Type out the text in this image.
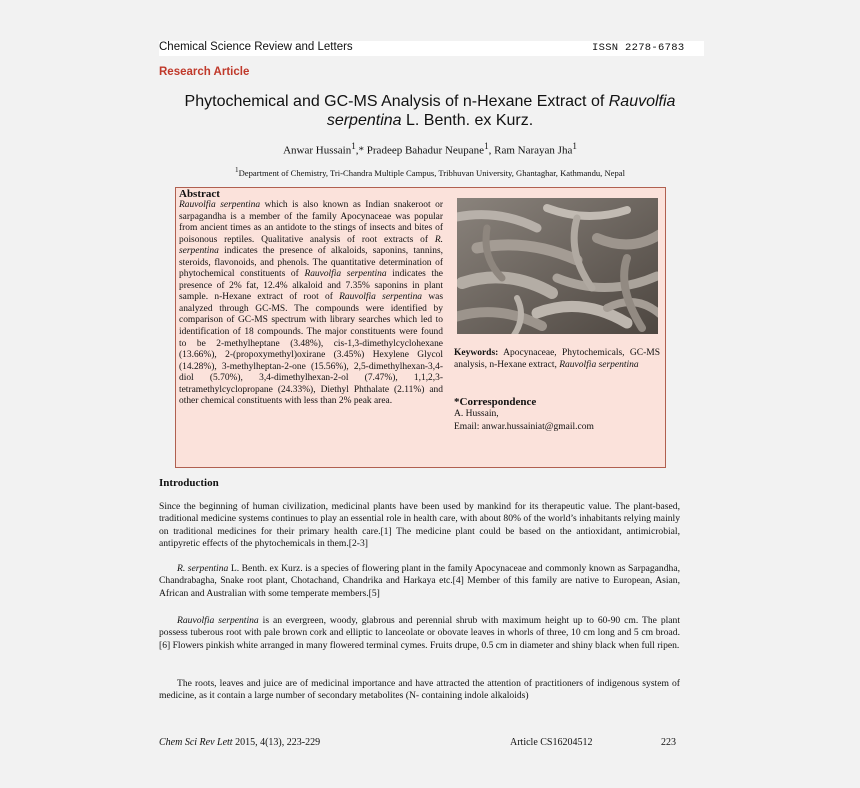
Chemical Science Review and Letters	ISSN 2278-6783
Research Article
Phytochemical and GC-MS Analysis of n-Hexane Extract of Rauvolfia
serpentina L. Benth. ex Kurz.
Anwar Hussain$^1$,* Pradeep Bahadur Neupane$^1$, Ram Narayan Jha$^1$
$^1$Department of Chemistry, Tri-Chandra Multiple Campus, Tribhuvan University, Ghantaghar, Kathmandu, Nepal
Abstract
Rauvolfia serpentina which is also known as Indian snakeroot or sarpagandha is a member of the family Apocynaceae was popular from ancient times as an antidote to the stings of insects and bites of poisonous reptiles. Qualitative analysis of root extracts of R. serpentina indicates the presence of alkaloids, saponins, tannins, steroids, flavonoids, and phenols. The quantitative determination of phytochemical constituents of Rauvolfia serpentina indicates the presence of 2% fat, 12.4% alkaloid and 7.35% saponins in plant sample. n-Hexane extract of root of Rauvolfia serpentina was analyzed through GC-MS. The compounds were identified by comparison of GC-MS spectrum with library searches which led to identification of 18 compounds. The major constituents were found to be 2-methylheptane (3.48%), cis-1,3-dimethylcyclohexane (13.66%), 2-(propoxymethyl)oxirane (3.45%) Hexylene Glycol (14.28%), 3-methylheptan-2-one (15.56%), 2,5-dimethylhexan-3,4-diol (5.70%), 3,4-dimethylhexan-2-ol (7.47%), 1,1,2,3-tetramethylcyclopropane (24.33%), Diethyl Phthalate (2.11%) and other chemical constituents with less than 2% peak area.
Keywords: Apocynaceae, Phytochemicals, GC-MS analysis, n-Hexane extract, Rauvolfia serpentina
*Correspondence
A. Hussain,
Email: anwar.hussainiat@gmail.com
Introduction
Since the beginning of human civilization, medicinal plants have been used by mankind for its therapeutic value. The plant-based, traditional medicine systems continues to play an essential role in health care, with about 80% of the world’s inhabitants relying mainly on traditional medicines for their primary health care.[1] The medicine plant could be based on the antioxidant, antimicrobial, antipyretic effects of the phytochemicals in them.[2-3]
R. serpentina L. Benth. ex Kurz. is a species of flowering plant in the family Apocynaceae and commonly known as Sarpagandha, Chandrabagha, Snake root plant, Chotachand, Chandrika and Harkaya etc.[4] Member of this family are native to European, Asian, African and Australian with some temperate members.[5]
Rauvolfia serpentina is an evergreen, woody, glabrous and perennial shrub with maximum height up to 60-90 cm. The plant possess tuberous root with pale brown cork and elliptic to lanceolate or obovate leaves in whorls of three, 10 cm long and 5 cm broad.[6] Flowers pinkish white arranged in many flowered terminal cymes. Fruits drupe, 0.5 cm in diameter and shiny black when full ripen.
The roots, leaves and juice are of medicinal importance and have attracted the attention of practitioners of indigenous system of medicine, as it contain a large number of secondary metabolites (N- containing indole alkaloids)
Chem Sci Rev Lett 2015, 4(13), 223-229	Article CS16204512	223
